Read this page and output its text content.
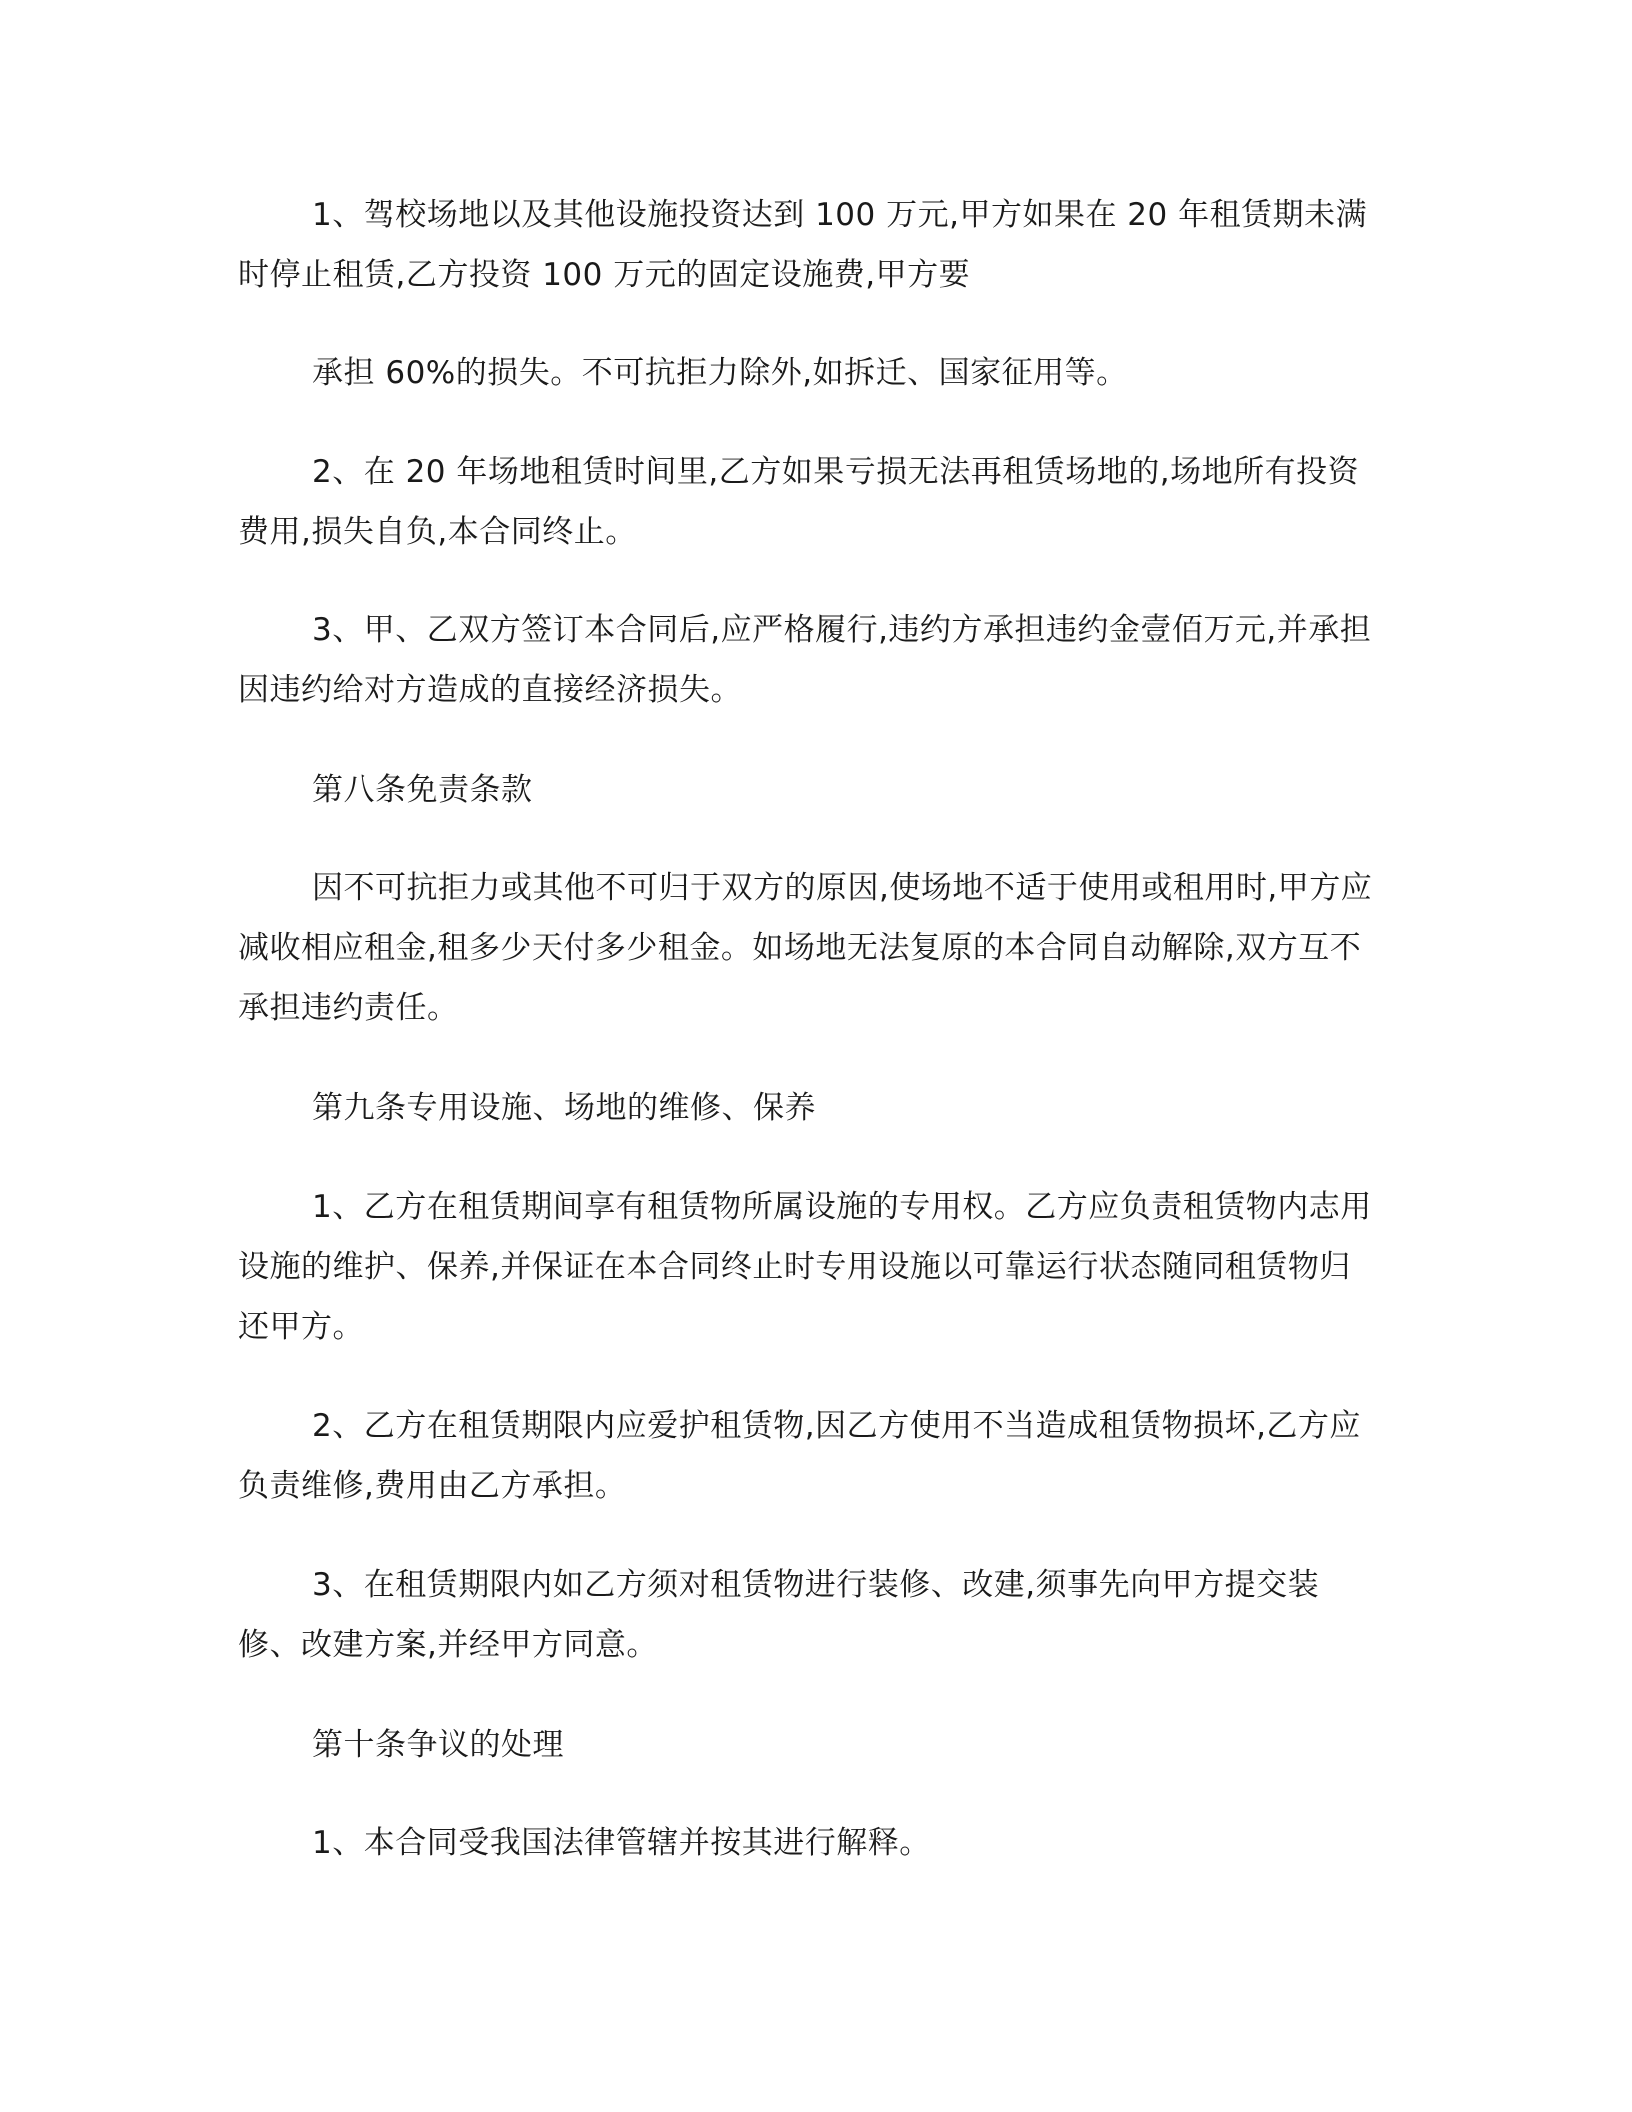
1、驾校场地以及其他设施投资达到 100 万元,甲方如果在 20 年租赁期未满
时停止租赁,乙方投资 100 万元的固定设施费,甲方要
承担 60%的损失。不可抗拒力除外,如拆迁、国家征用等。
2、在 20 年场地租赁时间里,乙方如果亏损无法再租赁场地的,场地所有投资
费用,损失自负,本合同终止。
3、甲、乙双方签订本合同后,应严格履行,违约方承担违约金壹佰万元,并承担
因违约给对方造成的直接经济损失。
第八条免责条款
因不可抗拒力或其他不可归于双方的原因,使场地不适于使用或租用时,甲方应
减收相应租金,租多少天付多少租金。如场地无法复原的本合同自动解除,双方互不
承担违约责任。
第九条专用设施、场地的维修、保养
1、乙方在租赁期间享有租赁物所属设施的专用权。乙方应负责租赁物内志用
设施的维护、保养,并保证在本合同终止时专用设施以可靠运行状态随同租赁物归
还甲方。
2、乙方在租赁期限内应爱护租赁物,因乙方使用不当造成租赁物损坏,乙方应
负责维修,费用由乙方承担。
3、在租赁期限内如乙方须对租赁物进行装修、改建,须事先向甲方提交装
修、改建方案,并经甲方同意。
第十条争议的处理
1、本合同受我国法律管辖并按其进行解释。
